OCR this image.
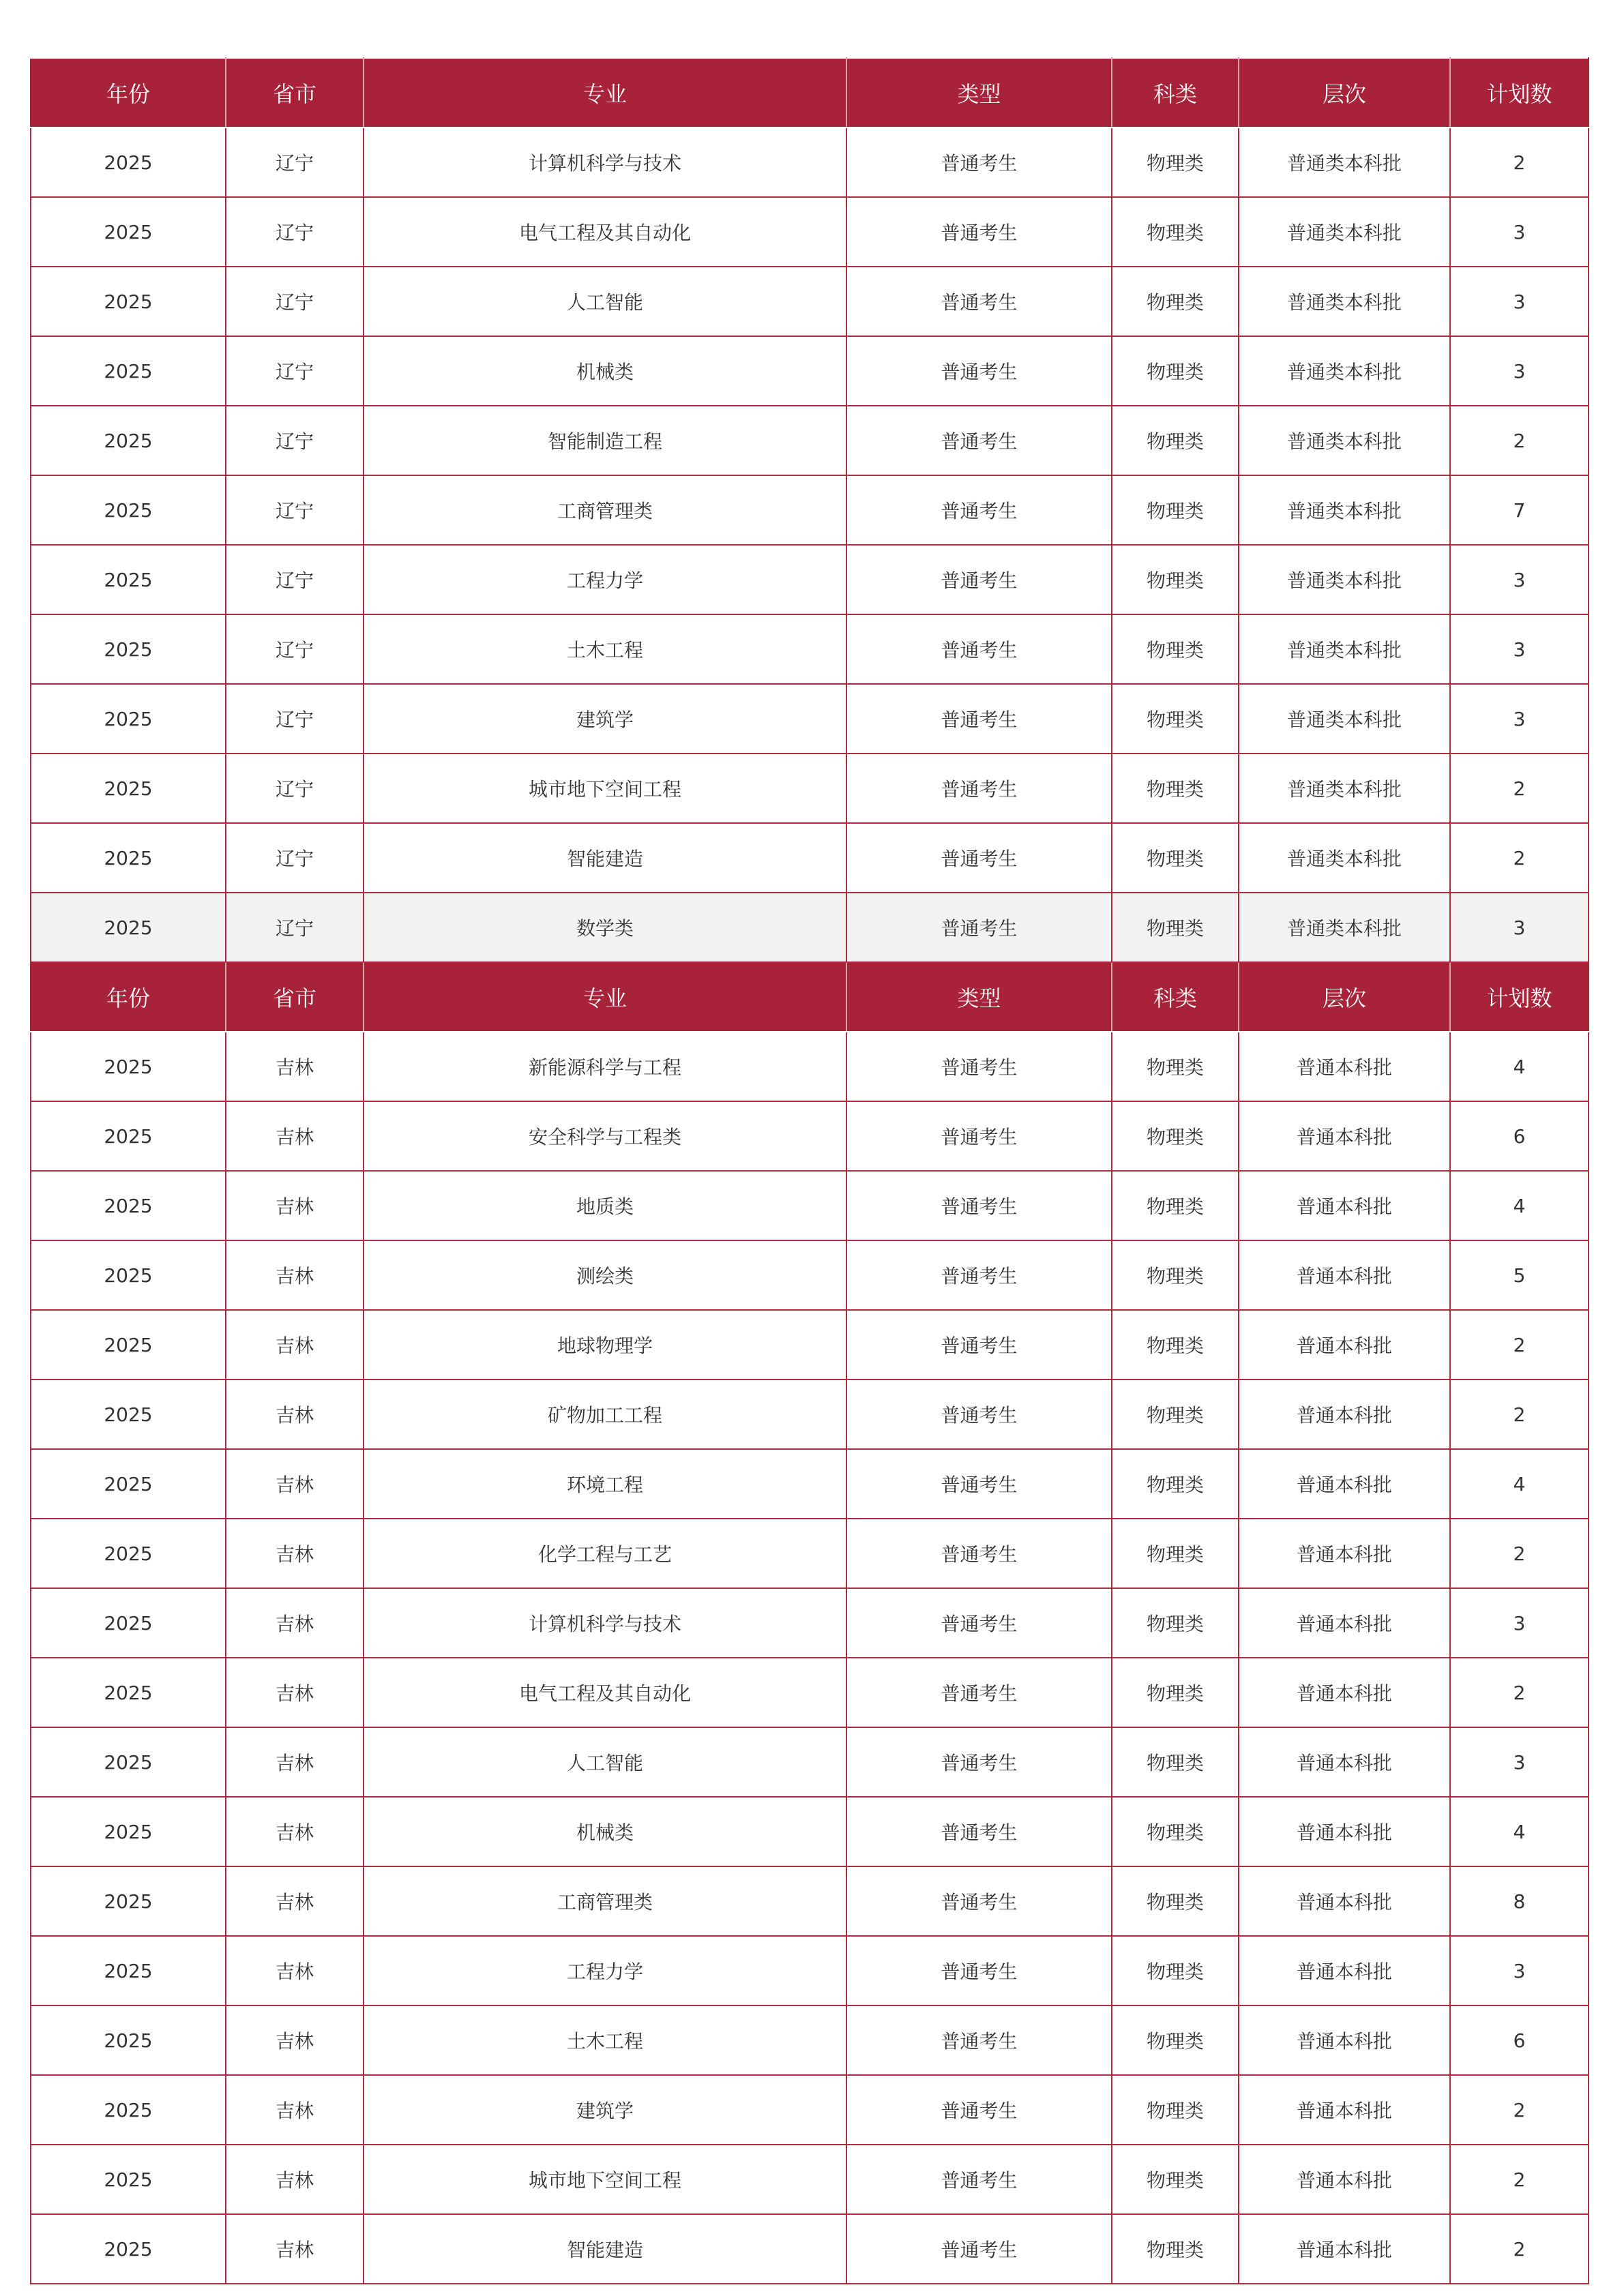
年份	省市	专业	类型	科类	层次	计划数
2025	辽宁	计算机科学与技术	普通考生	物理类	普通类本科批	2
2025	辽宁	电气工程及其自动化	普通考生	物理类	普通类本科批	3
2025	辽宁	人工智能	普通考生	物理类	普通类本科批	3
2025	辽宁	机械类	普通考生	物理类	普通类本科批	3
2025	辽宁	智能制造工程	普通考生	物理类	普通类本科批	2
2025	辽宁	工商管理类	普通考生	物理类	普通类本科批	7
2025	辽宁	工程力学	普通考生	物理类	普通类本科批	3
2025	辽宁	土木工程	普通考生	物理类	普通类本科批	3
2025	辽宁	建筑学	普通考生	物理类	普通类本科批	3
2025	辽宁	城市地下空间工程	普通考生	物理类	普通类本科批	2
2025	辽宁	智能建造	普通考生	物理类	普通类本科批	2
2025	辽宁	数学类	普通考生	物理类	普通类本科批	3
年份	省市	专业	类型	科类	层次	计划数
2025	吉林	新能源科学与工程	普通考生	物理类	普通本科批	4
2025	吉林	安全科学与工程类	普通考生	物理类	普通本科批	6
2025	吉林	地质类	普通考生	物理类	普通本科批	4
2025	吉林	测绘类	普通考生	物理类	普通本科批	5
2025	吉林	地球物理学	普通考生	物理类	普通本科批	2
2025	吉林	矿物加工工程	普通考生	物理类	普通本科批	2
2025	吉林	环境工程	普通考生	物理类	普通本科批	4
2025	吉林	化学工程与工艺	普通考生	物理类	普通本科批	2
2025	吉林	计算机科学与技术	普通考生	物理类	普通本科批	3
2025	吉林	电气工程及其自动化	普通考生	物理类	普通本科批	2
2025	吉林	人工智能	普通考生	物理类	普通本科批	3
2025	吉林	机械类	普通考生	物理类	普通本科批	4
2025	吉林	工商管理类	普通考生	物理类	普通本科批	8
2025	吉林	工程力学	普通考生	物理类	普通本科批	3
2025	吉林	土木工程	普通考生	物理类	普通本科批	6
2025	吉林	建筑学	普通考生	物理类	普通本科批	2
2025	吉林	城市地下空间工程	普通考生	物理类	普通本科批	2
2025	吉林	智能建造	普通考生	物理类	普通本科批	2
